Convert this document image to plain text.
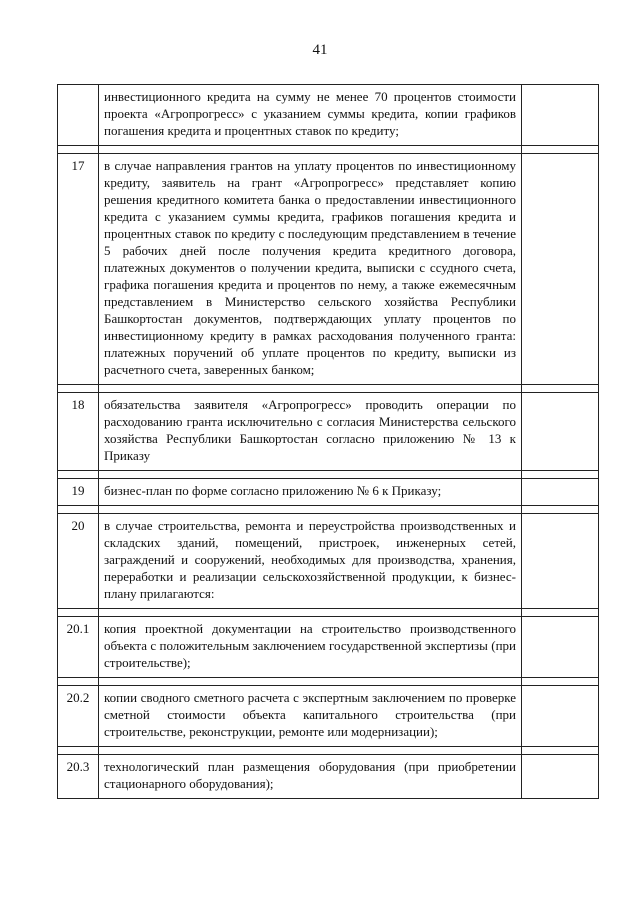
41
	инвестиционного кредита на сумму не менее 70 процентов стоимости проекта «Агропрогресс» с указанием суммы кредита, копии графиков погашения кредита и процентных ставок по кредиту;	

17	в случае направления грантов на уплату процентов по инвестиционному кредиту, заявитель на грант «Агропрогресс» представляет копию решения кредитного комитета банка о предоставлении инвестиционного кредита с указанием суммы кредита, графиков погашения кредита и процентных ставок по кредиту с последующим представлением в течение 5 рабочих дней после получения кредита кредитного договора, платежных документов о получении кредита, выписки с ссудного счета, графика погашения кредита и процентов по нему, а также ежемесячным представлением в Министерство сельского хозяйства Республики Башкортостан документов, подтверждающих уплату процентов по инвестиционному кредиту в рамках расходования полученного гранта: платежных поручений об уплате процентов по кредиту, выписки из расчетного счета, заверенных банком;	

18	обязательства заявителя «Агропрогресс» проводить операции по расходованию гранта исключительно с согласия Министерства сельского хозяйства Республики Башкортостан согласно приложению № 13 к Приказу	

19	бизнес-план по форме согласно приложению № 6 к Приказу;	

20	в случае строительства, ремонта и переустройства производственных и складских зданий, помещений, пристроек, инженерных сетей, заграждений и сооружений, необходимых для производства, хранения, переработки и реализации сельскохозяйственной продукции, к бизнес-плану прилагаются:	

20.1	копия проектной документации на строительство производственного объекта с положительным заключением государственной экспертизы (при строительстве);	

20.2	копии сводного сметного расчета с экспертным заключением по проверке сметной стоимости объекта капитального строительства (при строительстве, реконструкции, ремонте или модернизации);	

20.3	технологический план размещения оборудования (при приобретении стационарного оборудования);	
